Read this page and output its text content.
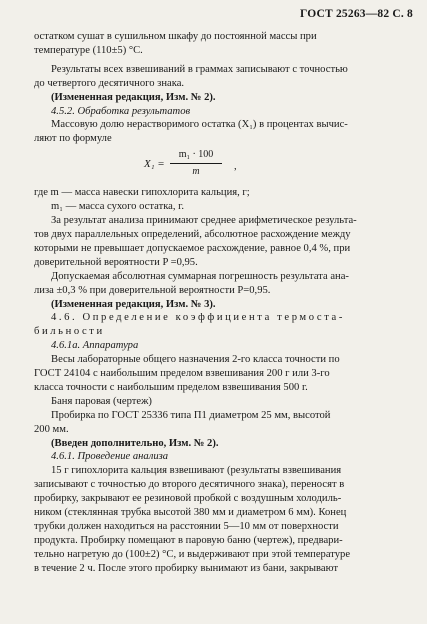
ГОСТ 25263—82 С. 8

остатком сушат в сушильном шкафу до постоянной массы при

температуре (110±5) °С.

Результаты всех взвешиваний в граммах записывают с точностью

до четвертого десятичного знака.

(Измененная редакция, Изм. № 2).

4.5.2. Обработка результатов

Массовую долю нерастворимого остатка (X₁) в процентах вычис-

ляют по формуле

$X_1 = \frac{\text{m₁ · 100}}{m}$ ,

где m — масса навески гипохлорита кальция, г;

m₁ — масса сухого остатка, г.

За результат анализа принимают среднее арифметическое результа-

тов двух параллельных определений, абсолютное расхождение между

которыми не превышает допускаемое расхождение, равное 0,4 %, при

доверительной вероятности P =0,95.

Допускаемая абсолютная суммарная погрешность результата ана-

лиза ±0,3 % при доверительной вероятности P=0,95.

(Измененная редакция, Изм. № 3).

4.6. Определение коэффициента термоста-

бильности

4.6.1а. Аппаратура

Весы лабораторные общего назначения 2-го класса точности по

ГОСТ 24104 с наибольшим пределом взвешивания 200 г или 3-го

класса точности с наибольшим пределом взвешивания 500 г.

Баня паровая (чертеж)

Пробирка по ГОСТ 25336 типа П1 диаметром 25 мм, высотой

200 мм.

(Введен дополнительно, Изм. № 2).

4.6.1. Проведение анализа

15 г гипохлорита кальция взвешивают (результаты взвешивания

записывают с точностью до второго десятичного знака), переносят в

пробирку, закрывают ее резиновой пробкой с воздушным холодиль-

ником (стеклянная трубка высотой 380 мм и диаметром 6 мм). Конец

трубки должен находиться на расстоянии 5—10 мм от поверхности

продукта. Пробирку помещают в паровую баню (чертеж), предвари-

тельно нагретую до (100±2) °С, и выдерживают при этой температуре

в течение 2 ч. После этого пробирку вынимают из бани, закрывают
